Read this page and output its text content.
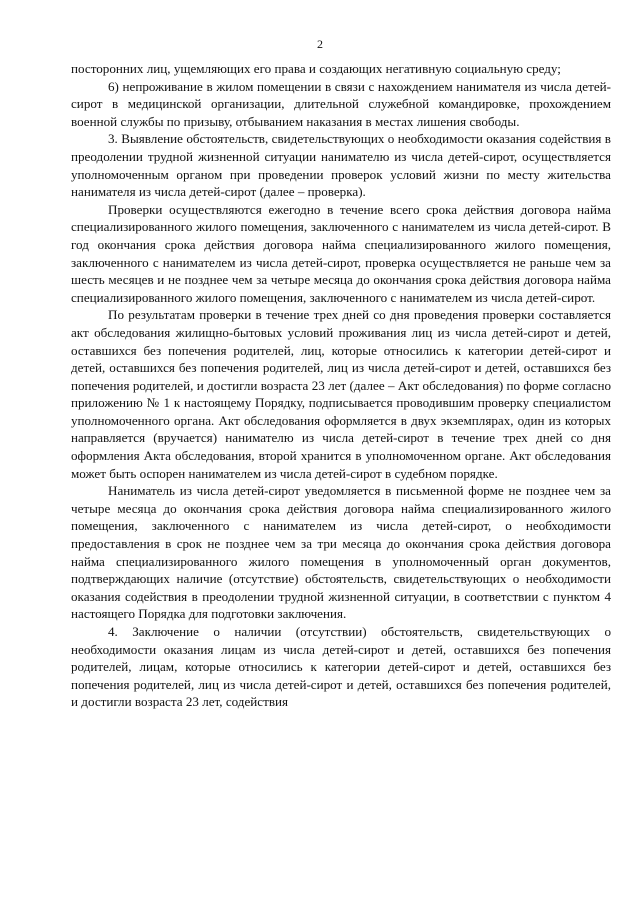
2

посторонних лиц, ущемляющих его права и создающих негативную социальную среду;

6) непроживание в жилом помещении в связи с нахождением нанимателя из числа детей-сирот в медицинской организации, длительной служебной командировке, прохождением военной службы по призыву, отбыванием наказания в местах лишения свободы.

3. Выявление обстоятельств, свидетельствующих о необходимости оказания содействия в преодолении трудной жизненной ситуации нанимателю из числа детей-сирот, осуществляется уполномоченным органом при проведении проверок условий жизни по месту жительства нанимателя из числа детей-сирот (далее – проверка).

Проверки осуществляются ежегодно в течение всего срока действия договора найма специализированного жилого помещения, заключенного с нанимателем из числа детей-сирот. В год окончания срока действия договора найма специализированного жилого помещения, заключенного с нанимателем из числа детей-сирот, проверка осуществляется не раньше чем за шесть месяцев и не позднее чем за четыре месяца до окончания срока действия договора найма специализированного жилого помещения, заключенного с нанимателем из числа детей-сирот.

По результатам проверки в течение трех дней со дня проведения проверки составляется акт обследования жилищно-бытовых условий проживания лиц из числа детей-сирот и детей, оставшихся без попечения родителей, лиц, которые относились к категории детей-сирот и детей, оставшихся без попечения родителей, лиц из числа детей-сирот и детей, оставшихся без попечения родителей, и достигли возраста 23 лет (далее – Акт обследования) по форме согласно приложению № 1 к настоящему Порядку, подписывается проводившим проверку специалистом уполномоченного органа. Акт обследования оформляется в двух экземплярах, один из которых направляется (вручается) нанимателю из числа детей-сирот в течение трех дней со дня оформления Акта обследования, второй хранится в уполномоченном органе. Акт обследования может быть оспорен нанимателем из числа детей-сирот в судебном порядке.

Наниматель из числа детей-сирот уведомляется в письменной форме не позднее чем за четыре месяца до окончания срока действия договора найма специализированного жилого помещения, заключенного с нанимателем из числа детей-сирот, о необходимости предоставления в срок не позднее чем за три месяца до окончания срока действия договора найма специализированного жилого помещения в уполномоченный орган документов, подтверждающих наличие (отсутствие) обстоятельств, свидетельствующих о необходимости оказания содействия в преодолении трудной жизненной ситуации, в соответствии с пунктом 4 настоящего Порядка для подготовки заключения.

4. Заключение о наличии (отсутствии) обстоятельств, свидетельствующих о необходимости оказания лицам из числа детей-сирот и детей, оставшихся без попечения родителей, лицам, которые относились к категории детей-сирот и детей, оставшихся без попечения родителей, лиц из числа детей-сирот и детей, оставшихся без попечения родителей, и достигли возраста 23 лет, содействия
